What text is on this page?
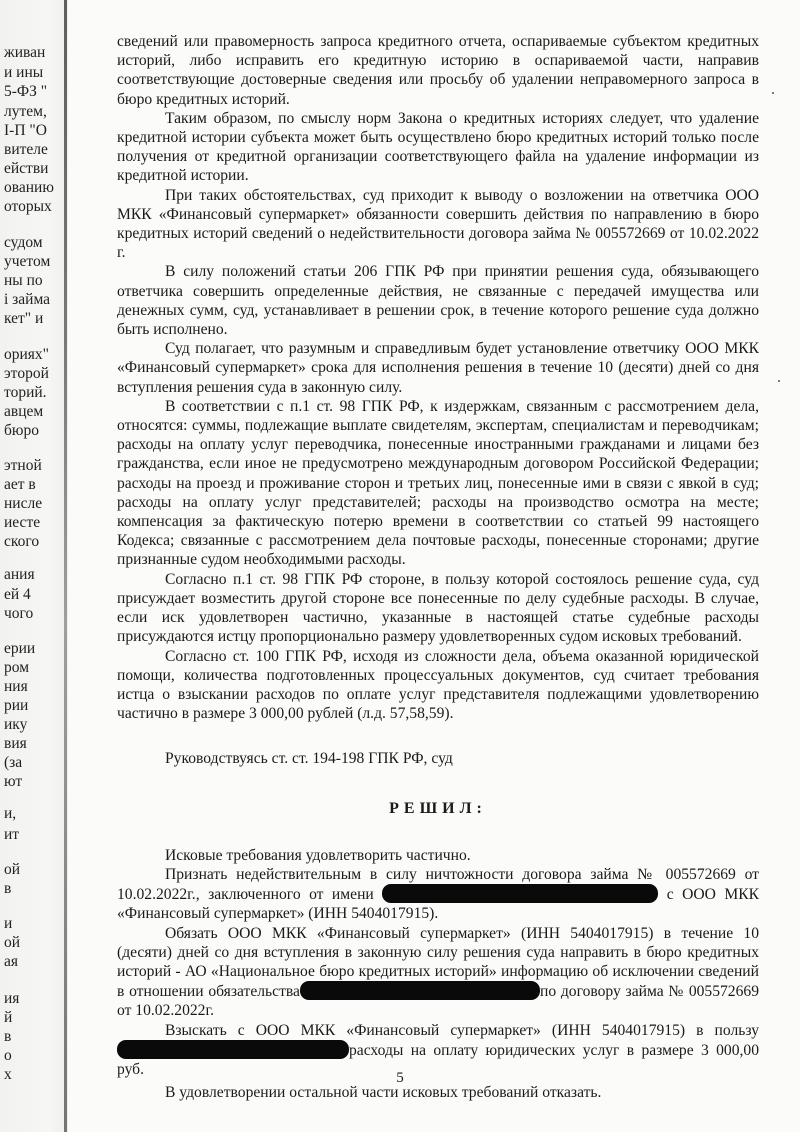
живан
и ины
5-ФЗ "
лутем,
I-П "О
вителе
ействи
ованию
оторых
судом
учетом
ны по
і займа
кет" и
ориях"
этoрой
торий.
авцем
бюро
этной
ает в
нисле
иесте
ского
ания
ей 4
чого
ерии
ром
ния
рии
ику
вия
(за
ют
и,
ит
ой
в
и
ой
ая
ия
й
в
о
х

сведений или правомерность запроса кредитного отчета, оспариваемые субъектом кредитных историй, либо исправить его кредитную историю в оспариваемой части, направив соответствующие достоверные сведения или просьбу об удалении неправомерного запроса в бюро кредитных историй.

Таким образом, по смыслу норм Закона о кредитных историях следует, что удаление кредитной истории субъекта может быть осуществлено бюро кредитных историй только после получения от кредитной организации соответствующего файла на удаление информации из кредитной истории.

При таких обстоятельствах, суд приходит к выводу о возложении на ответчика ООО МКК «Финансовый супермаркет» обязанности совершить действия по направлению в бюро кредитных историй сведений о недействительности договора займа № 005572669 от 10.02.2022 г.

В силу положений статьи 206 ГПК РФ при принятии решения суда, обязывающего ответчика совершить определенные действия, не связанные с передачей имущества или денежных сумм, суд, устанавливает в решении срок, в течение которого решение суда должно быть исполнено.

Суд полагает, что разумным и справедливым будет установление ответчику ООО МКК «Финансовый супермаркет» срока для исполнения решения в течение 10 (десяти) дней со дня вступления решения суда в законную силу.

В соответствии с п.1 ст. 98 ГПК РФ, к издержкам, связанным с рассмотрением дела, относятся: суммы, подлежащие выплате свидетелям, экспертам, специалистам и переводчикам; расходы на оплату услуг переводчика, понесенные иностранными гражданами и лицами без гражданства, если иное не предусмотрено международным договором Российской Федерации; расходы на проезд и проживание сторон и третьих лиц, понесенные ими в связи с явкой в суд; расходы на оплату услуг представителей; расходы на производство осмотра на месте; компенсация за фактическую потерю времени в соответствии со статьей 99 настоящего Кодекса; связанные с рассмотрением дела почтовые расходы, понесенные сторонами; другие признанные судом необходимыми расходы.

Согласно п.1 ст. 98 ГПК РФ стороне, в пользу которой состоялось решение суда, суд присуждает возместить другой стороне все понесенные по делу судебные расходы. В случае, если иск удовлетворен частично, указанные в настоящей статье судебные расходы присуждаются истцу пропорционально размеру удовлетворенных судом исковых требований.

Согласно ст. 100 ГПК РФ, исходя из сложности дела, объема оказанной юридической помощи, количества подготовленных процессуальных документов, суд считает требования истца о взыскании расходов по оплате услуг представителя подлежащими удовлетворению частично в размере 3 000,00 рублей (л.д. 57,58,59).

Руководствуясь ст. ст. 194-198 ГПК РФ, суд

РЕШИЛ:

Исковые требования удовлетворить частично.

Признать недействительным в силу ничтожности договора займа № 005572669 от 10.02.2022г., заключенного от имени	с ООО МКК «Финансовый супермаркет» (ИНН 5404017915).

Обязать ООО МКК «Финансовый супермаркет» (ИНН 5404017915) в течение 10 (десяти) дней со дня вступления в законную силу решения суда направить в бюро кредитных историй - АО «Национальное бюро кредитных историй» информацию об исключении сведений в отношении обязательства	по договору займа № 005572669 от 10.02.2022г.

Взыскать с ООО МКК «Финансовый супермаркет» (ИНН 5404017915) в пользу расходы на оплату юридических услуг в размере 3 000,00 руб.

В удовлетворении остальной части исковых требований отказать.

5
